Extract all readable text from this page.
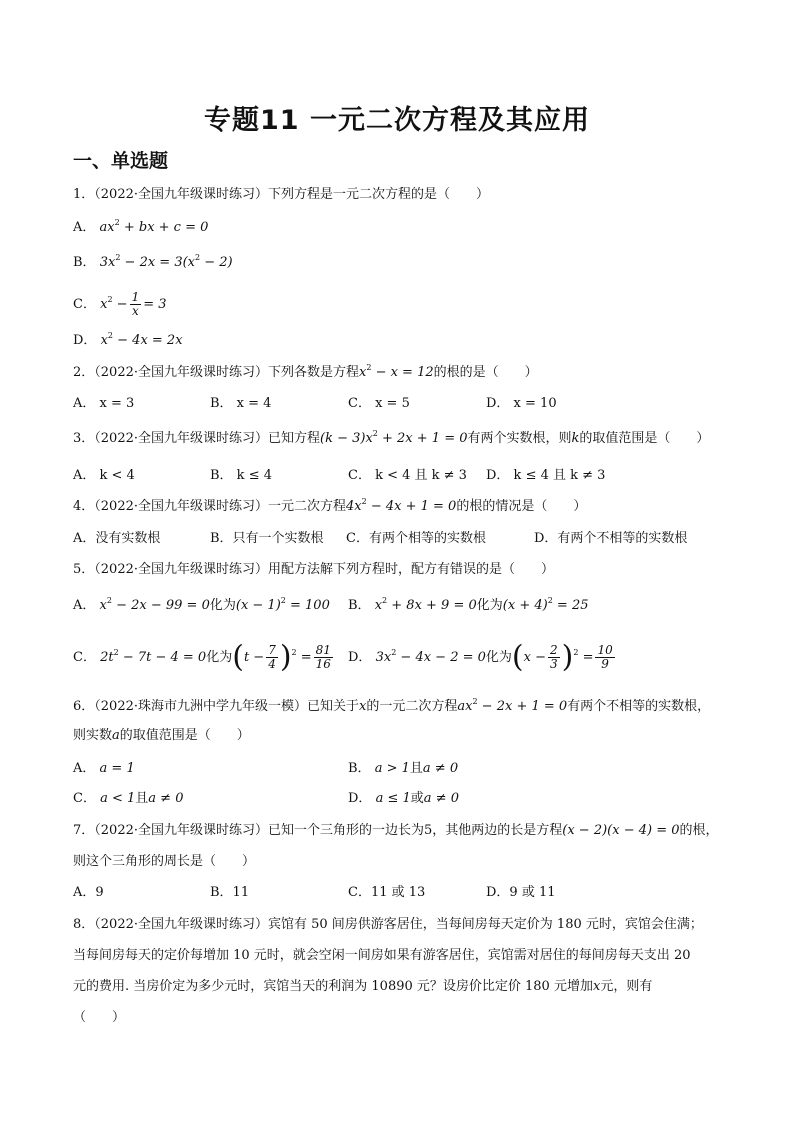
专题11 一元二次方程及其应用
一、单选题
1．（2022·全国九年级课时练习）下列方程是一元二次方程的是（　　）
A． $ax^2$ + bx + c = 0
B． $3x^2 - 2x = 3(x^2 - 2)$
C． $x^2 - \frac{1}{x} = 3$
D． $x^2 - 4x = 2x$
2．（2022·全国九年级课时练习）下列各数是方程$x^2 - x = 12$的根的是（　　）
A． x = 3	B． x = 4	C． x = 5	D． x = 10
3．（2022·全国九年级课时练习）已知方程$(k - 3)x^2 + 2x + 1 = 0$有两个实数根，则k的取值范围是（　　）
A． k < 4	B． k ≤ 4	C． k < 4 且 k ≠ 3 D． k ≤ 4 且 k ≠ 3
4．（2022·全国九年级课时练习）一元二次方程$4x^2 - 4x + 1 = 0$的根的情况是（　　）
A．没有实数根	B．只有一个实数根 C．有两个相等的实数根	D．有两个不相等的实数根
5．（2022·全国九年级课时练习）用配方法解下列方程时，配方有错误的是（　　）
A． $x^2 - 2x - 99 = 0$化为$(x - 1)^2 = 100$ B． $x^2 + 8x + 9 = 0$化为$(x + 4)^2 = 25$
C． $2t^2 - 7t - 4 = 0$化为$(t - \frac{7}{4} )^2 = \frac{81}{16}$ D． $3x^2 - 4x - 2 = 0$化为$(x - \frac{2}{3} )^2 = \frac{10}{9}$
6．（2022·珠海市九洲中学九年级一模）已知关于x的一元二次方程$ax^2 - 2x + 1 = 0$有两个不相等的实数根，
则实数a的取值范围是（　　）
A． a = 1	B． a > 1且a ≠ 0
C． a < 1且a ≠ 0	D． a ≤ 1或a ≠ 0
7．（2022·全国九年级课时练习）已知一个三角形的一边长为5，其他两边的长是方程(x − 2)(x − 4) = 0的根，
则这个三角形的周长是（　　）
A．9	B．11	C．11 或 13	D．9 或 11
8．（2022·全国九年级课时练习）宾馆有 50 间房供游客居住，当每间房每天定价为 180 元时，宾馆会住满；
当每间房每天的定价每增加 10 元时，就会空闲一间房如果有游客居住，宾馆需对居住的每间房每天支出 20
元的费用. 当房价定为多少元时，宾馆当天的利润为 10890 元？设房价比定价 180 元增加x元，则有
（　　）
